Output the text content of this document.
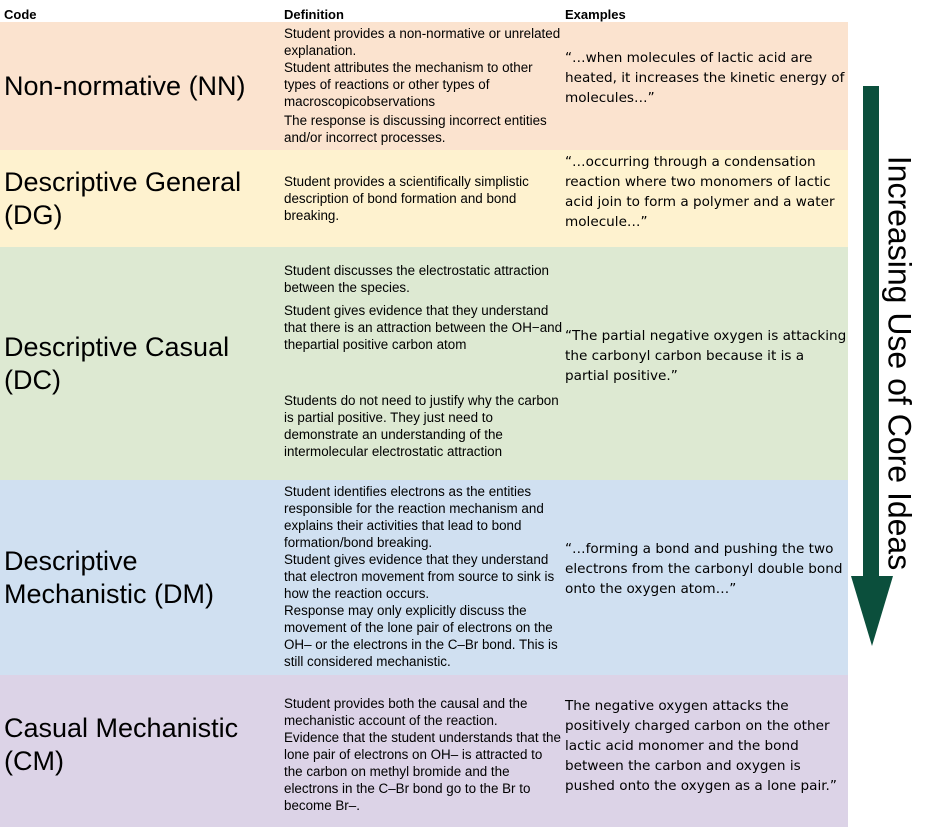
Code	Definition	Examples
Non-normative (NN)

Student provides a non-normative or unrelated explanation.

Student attributes the mechanism to other types of reactions or other types of macroscopicobservations

The response is discussing incorrect entities and/or incorrect processes.

“…when molecules of lactic acid are heated, it increases the kinetic energy of molecules…”
Descriptive General (DG)

Student provides a scientifically simplistic description of bond formation and bond breaking.

“…occurring through a condensation reaction where two monomers of lactic acid join to form a polymer and a water molecule…”
Descriptive Casual (DC)

Student discusses the electrostatic attraction between the species.

Student gives evidence that they understand that there is an attraction between the OH−and thepartial positive carbon atom

Students do not need to justify why the carbon is partial positive. They just need to demonstrate an understanding of the intermolecular electrostatic attraction

“The partial negative oxygen is attacking the carbonyl carbon because it is a partial positive.”
Descriptive Mechanistic (DM)

Student identifies electrons as the entities responsible for the reaction mechanism and explains their activities that lead to bond formation/bond breaking.

Student gives evidence that they understand that electron movement from source to sink is how the reaction occurs.

Response may only explicitly discuss the movement of the lone pair of electrons on the OH– or the electrons in the C–Br bond. This is still considered mechanistic.

“…forming a bond and pushing the two electrons from the carbonyl double bond onto the oxygen atom…”
Casual Mechanistic (CM)

Student provides both the causal and the mechanistic account of the reaction.

Evidence that the student understands that the lone pair of electrons on OH– is attracted to the carbon on methyl bromide and the electrons in the C–Br bond go to the Br to become Br–.

The negative oxygen attacks the positively charged carbon on the other lactic acid monomer and the bond between the carbon and oxygen is pushed onto the oxygen as a lone pair.”
Increasing Use of Core Ideas
